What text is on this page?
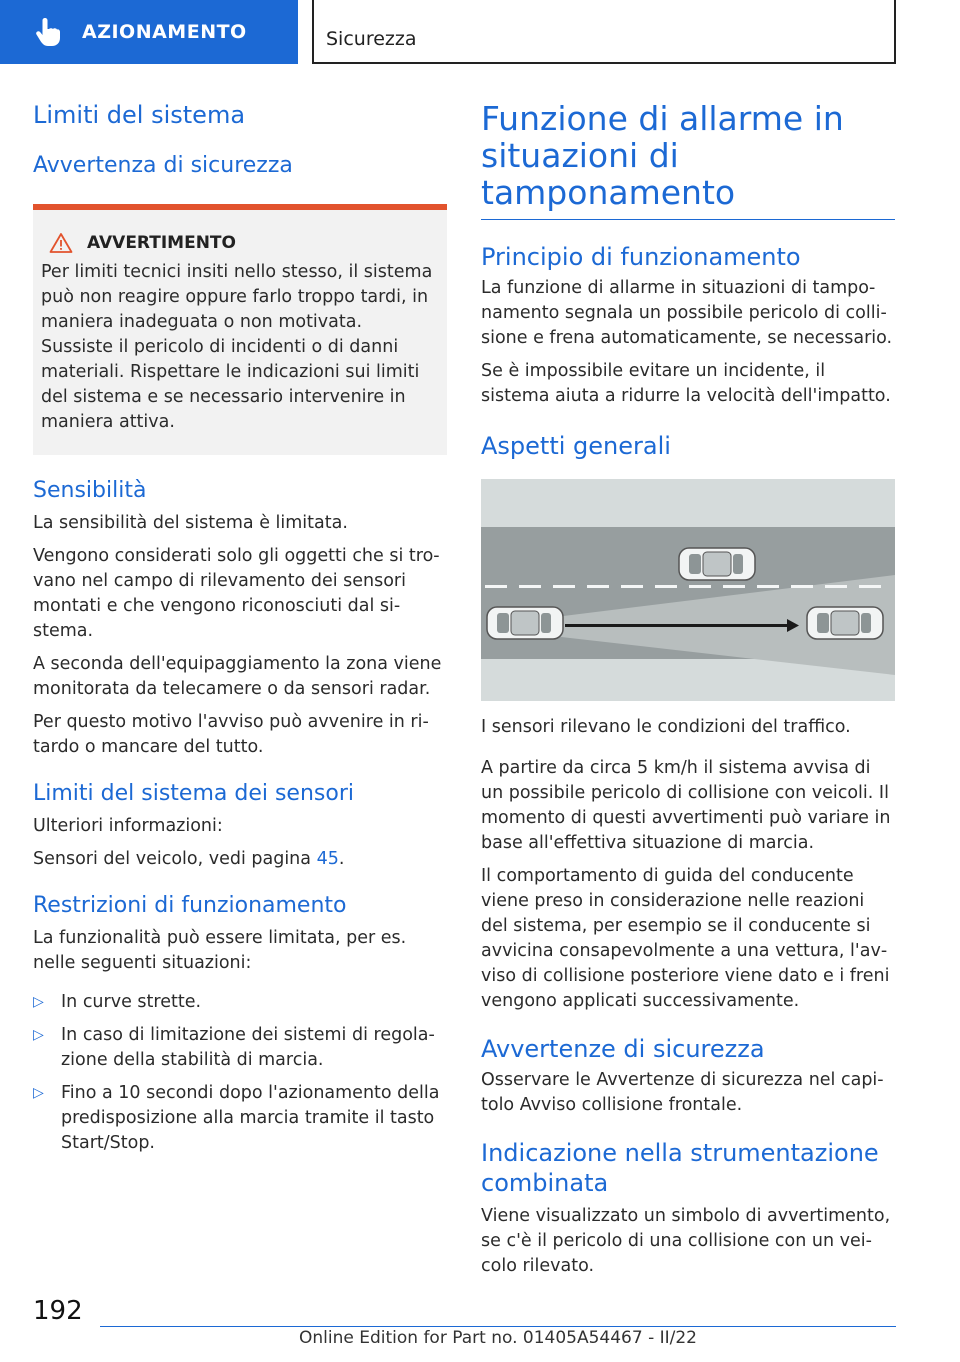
AZIONAMENTO	Sicurezza
Limiti del sistema
Avvertenza di sicurezza
AVVERTIMENTO

Per limiti tecnici insiti nello stesso, il sistema può non reagire oppure farlo troppo tardi, in maniera inadeguata o non motivata. Sussiste il pericolo di incidenti o di danni materiali. Rispettare le indicazioni sui limiti del sistema e se necessario intervenire in maniera attiva.

Sensibilità

La sensibilità del sistema è limitata.

Vengono considerati solo gli oggetti che si trovano nel campo di rilevamento dei sensori montati e che vengono riconosciuti dal sistema.

A seconda dell'equipaggiamento la zona viene monitorata da telecamere o da sensori radar.

Per questo motivo l'avviso può avvenire in ritardo o mancare del tutto.

Limiti del sistema dei sensori

Ulteriori informazioni:

Sensori del veicolo, vedi pagina 45.

Restrizioni di funzionamento

La funzionalità può essere limitata, per es. nelle seguenti situazioni:

▷ In curve strette.
▷ In caso di limitazione dei sistemi di regolazione della stabilità di marcia.
▷ Fino a 10 secondi dopo l'azionamento della predisposizione alla marcia tramite il tasto Start/Stop.
Funzione di allarme in situazioni di tamponamento
Principio di funzionamento

La funzione di allarme in situazioni di tamponamento segnala un possibile pericolo di collisione e frena automaticamente, se necessario.

Se è impossibile evitare un incidente, il sistema aiuta a ridurre la velocità dell'impatto.

Aspetti generali

I sensori rilevano le condizioni del traffico.

A partire da circa 5 km/h il sistema avvisa di un possibile pericolo di collisione con veicoli. Il momento di questi avvertimenti può variare in base all'effettiva situazione di marcia.

Il comportamento di guida del conducente viene preso in considerazione nelle reazioni del sistema, per esempio se il conducente si avvicina consapevolmente a una vettura, l'avviso di collisione posteriore viene dato e i freni vengono applicati successivamente.

Avvertenze di sicurezza

Osservare le Avvertenze di sicurezza nel capitolo Avviso collisione frontale.

Indicazione nella strumentazione combinata

Viene visualizzato un simbolo di avvertimento, se c'è il pericolo di una collisione con un veicolo rilevato.

192
Online Edition for Part no. 01405A54467 - II/22
